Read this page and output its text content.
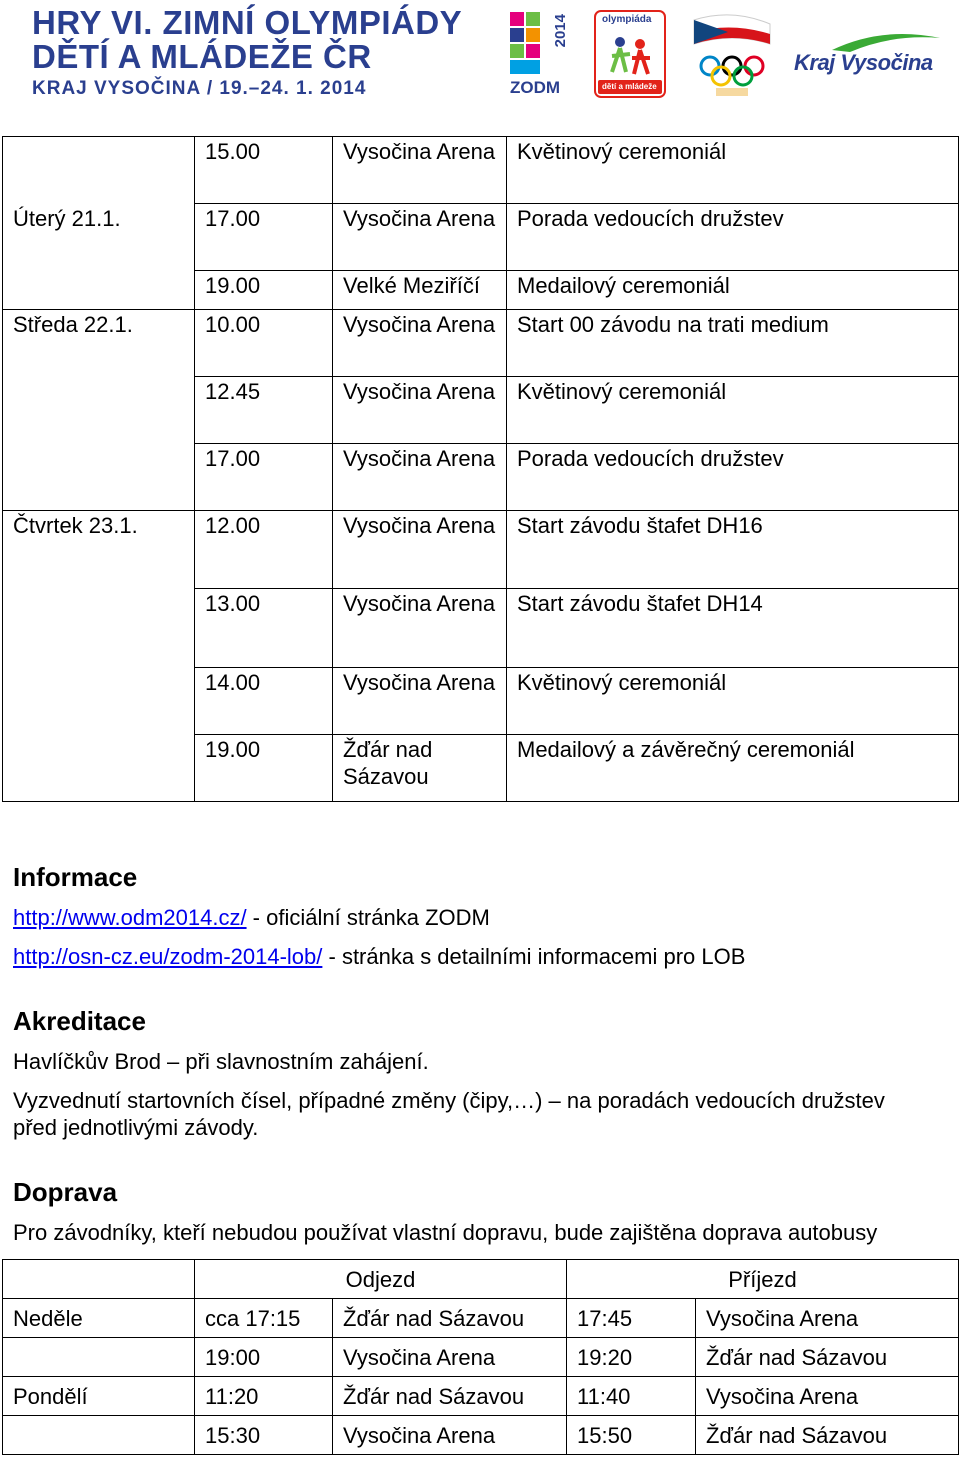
HRY VI. ZIMNÍ OLYMPIÁDY
DĚTÍ A MLÁDEŽE ČR
KRAJ VYSOČINA / 19.–24. 1. 2014
2014
ZODM
olympiáda
dětí a mládeže
Kraj Vysočina
	15.00	Vysočina Arena	Květinový ceremoniál
Úterý 21.1.	17.00	Vysočina Arena	Porada vedoucích družstev
	19.00	Velké Meziříčí	Medailový ceremoniál
Středa 22.1.	10.00	Vysočina Arena	Start 00 závodu na trati medium
	12.45	Vysočina Arena	Květinový ceremoniál
	17.00	Vysočina Arena	Porada vedoucích družstev
Čtvrtek 23.1.	12.00	Vysočina Arena	Start závodu štafet DH16
	13.00	Vysočina Arena	Start závodu štafet DH14
	14.00	Vysočina Arena	Květinový ceremoniál
	19.00	Žďár nad Sázavou	Medailový a závěrečný ceremoniál
Informace
http://www.odm2014.cz/ - oficiální stránka ZODM
http://osn-cz.eu/zodm-2014-lob/ - stránka s detailními informacemi pro LOB
Akreditace
Havlíčkův Brod – při slavnostním zahájení.
Vyzvednutí startovních čísel, případné změny (čipy,…) – na poradách vedoucích družstev
před jednotlivými závody.
Doprava
Pro závodníky, kteří nebudou používat vlastní dopravu, bude zajištěna doprava autobusy
	Odjezd		Příjezd	
Neděle	cca 17:15	Žďár nad Sázavou	17:45	Vysočina Arena
	19:00	Vysočina Arena	19:20	Žďár nad Sázavou
Pondělí	11:20	Žďár nad Sázavou	11:40	Vysočina Arena
	15:30	Vysočina Arena	15:50	Žďár nad Sázavou
